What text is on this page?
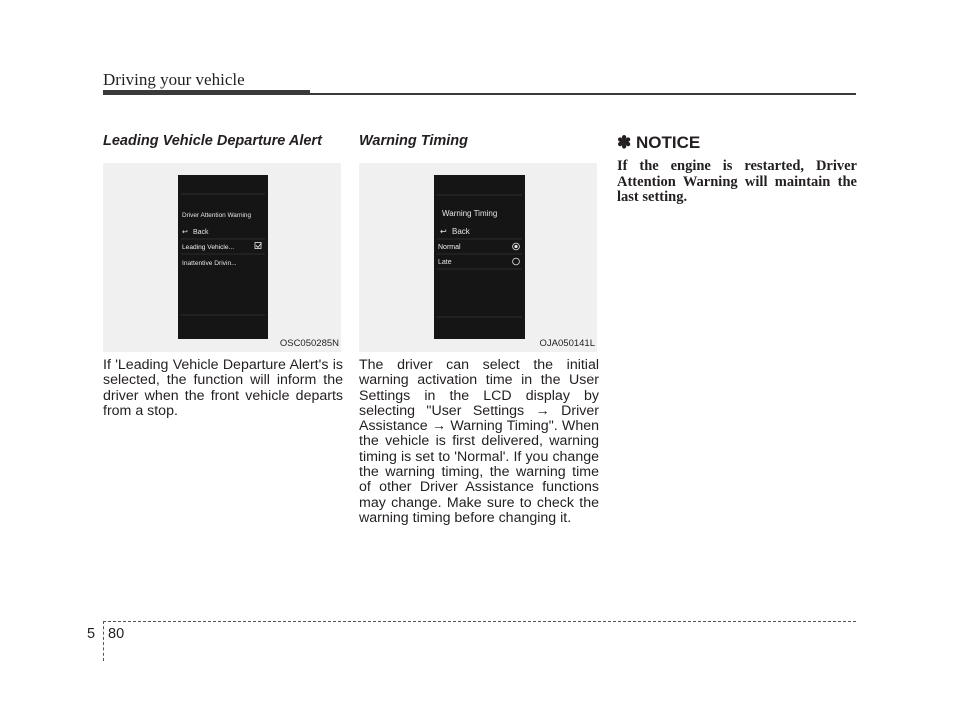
Driving your vehicle
Leading Vehicle Departure Alert
Driver Attention Warning
↩ Back
Leading Vehicle...
Inattentive Drivin...
OSC050285N

If 'Leading Vehicle Departure Alert's is selected, the function will inform the driver when the front vehicle departs from a stop.

Warning Timing
Warning Timing
↩ Back
Normal
Late
OJA050141L

The driver can select the initial warning activation time in the User Settings in the LCD display by selecting "User Settings → Driver Assistance → Warning Timing". When the vehicle is first delivered, warning timing is set to 'Normal'. If you change the warning timing, the warning time of other Driver Assistance functions may change. Make sure to check the warning timing before changing it.

✽ NOTICE

If the engine is restarted, Driver Attention Warning will maintain the last setting.

5 80
